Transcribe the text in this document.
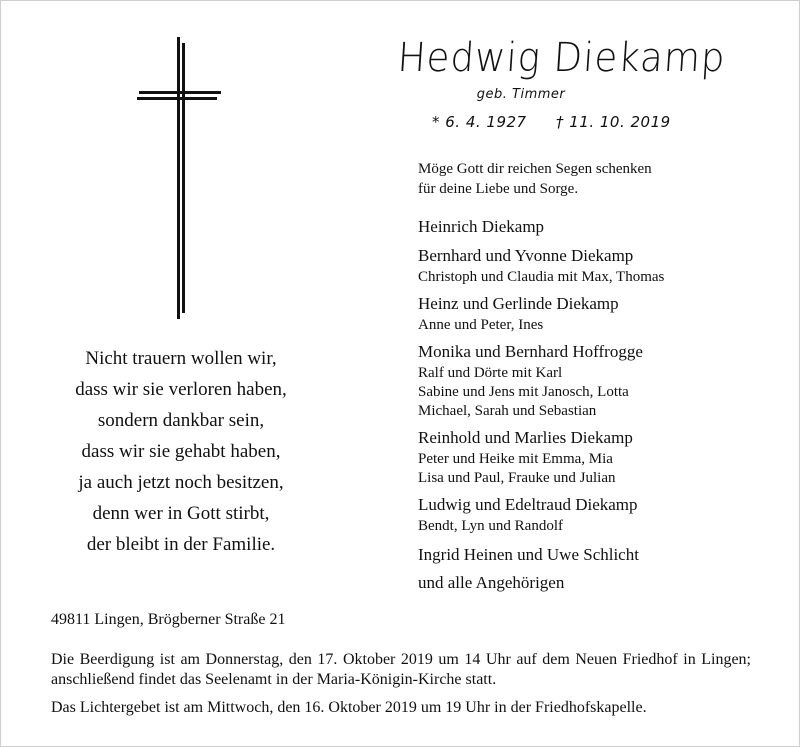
Hedwig Diekamp
geb. Timmer
* 6. 4. 1927 † 11. 10. 2019
Möge Gott dir reichen Segen schenken
für deine Liebe und Sorge.
Heinrich Diekamp
Bernhard und Yvonne Diekamp
Christoph und Claudia mit Max, Thomas
Heinz und Gerlinde Diekamp
Anne und Peter, Ines
Monika und Bernhard Hoffrogge
Ralf und Dörte mit Karl
Sabine und Jens mit Janosch, Lotta
Michael, Sarah und Sebastian
Reinhold und Marlies Diekamp
Peter und Heike mit Emma, Mia
Lisa und Paul, Frauke und Julian
Ludwig und Edeltraud Diekamp
Bendt, Lyn und Randolf
Ingrid Heinen und Uwe Schlicht
und alle Angehörigen
Nicht trauern wollen wir,
dass wir sie verloren haben,
sondern dankbar sein,
dass wir sie gehabt haben,
ja auch jetzt noch besitzen,
denn wer in Gott stirbt,
der bleibt in der Familie.
49811 Lingen, Brögberner Straße 21

Die Beerdigung ist am Donnerstag, den 17. Oktober 2019 um 14 Uhr auf dem Neuen Friedhof in Lingen; anschließend findet das Seelenamt in der Maria-Königin-Kirche statt.

Das Lichtergebet ist am Mittwoch, den 16. Oktober 2019 um 19 Uhr in der Friedhofskapelle.
